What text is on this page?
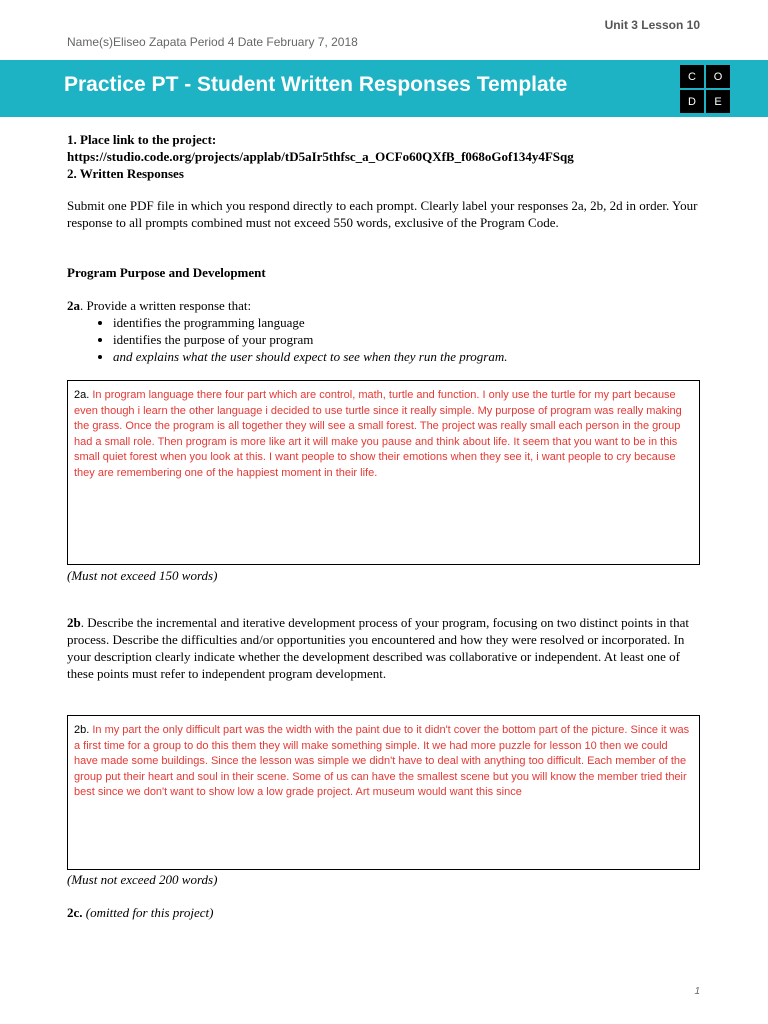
Unit 3 Lesson 10
Name(s)Eliseo Zapata Period 4 Date February 7, 2018
Practice PT - Student Written Responses Template	C	O
D	E
1. Place link to the project:
https://studio.code.org/projects/applab/tD5aIr5thfsc_a_OCFo60QXfB_f068oGof134y4FSqg
2. Written Responses
Submit one PDF file in which you respond directly to each prompt. Clearly label your responses 2a, 2b, 2d in order. Your response to all prompts combined must not exceed 550 words, exclusive of the Program Code.
Program Purpose and Development
2a. Provide a written response that:
• identifies the programming language
• identifies the purpose of your program
• and explains what the user should expect to see when they run the program.
2a. In program language there four part which are control, math, turtle and function. I only use the turtle for my part because even though i learn the other language i decided to use turtle since it really simple. My purpose of program was really making the grass. Once the program is all together they will see a small forest. The project was really small each person in the group had a small role. Then program is more like art it will make you pause and think about life. It seem that you want to be in this small quiet forest when you look at this. I want people to show their emotions when they see it, i want people to cry because they are remembering one of the happiest moment in their life.
(Must not exceed 150 words)
2b. Describe the incremental and iterative development process of your program, focusing on two distinct points in that process. Describe the difficulties and/or opportunities you encountered and how they were resolved or incorporated. In your description clearly indicate whether the development described was collaborative or independent. At least one of these points must refer to independent program development.
2b. In my part the only difficult part was the width with the paint due to it didn't cover the bottom part of the picture. Since it was a first time for a group to do this them they will make something simple. It we had more puzzle for lesson 10 then we could have made some buildings. Since the lesson was simple we didn't have to deal with anything too difficult. Each member of the group put their heart and soul in their scene. Some of us can have the smallest scene but you will know the member tried their best since we don't want to show low a low grade project. Art museum would want this since
(Must not exceed 200 words)
2c. (omitted for this project)
1
